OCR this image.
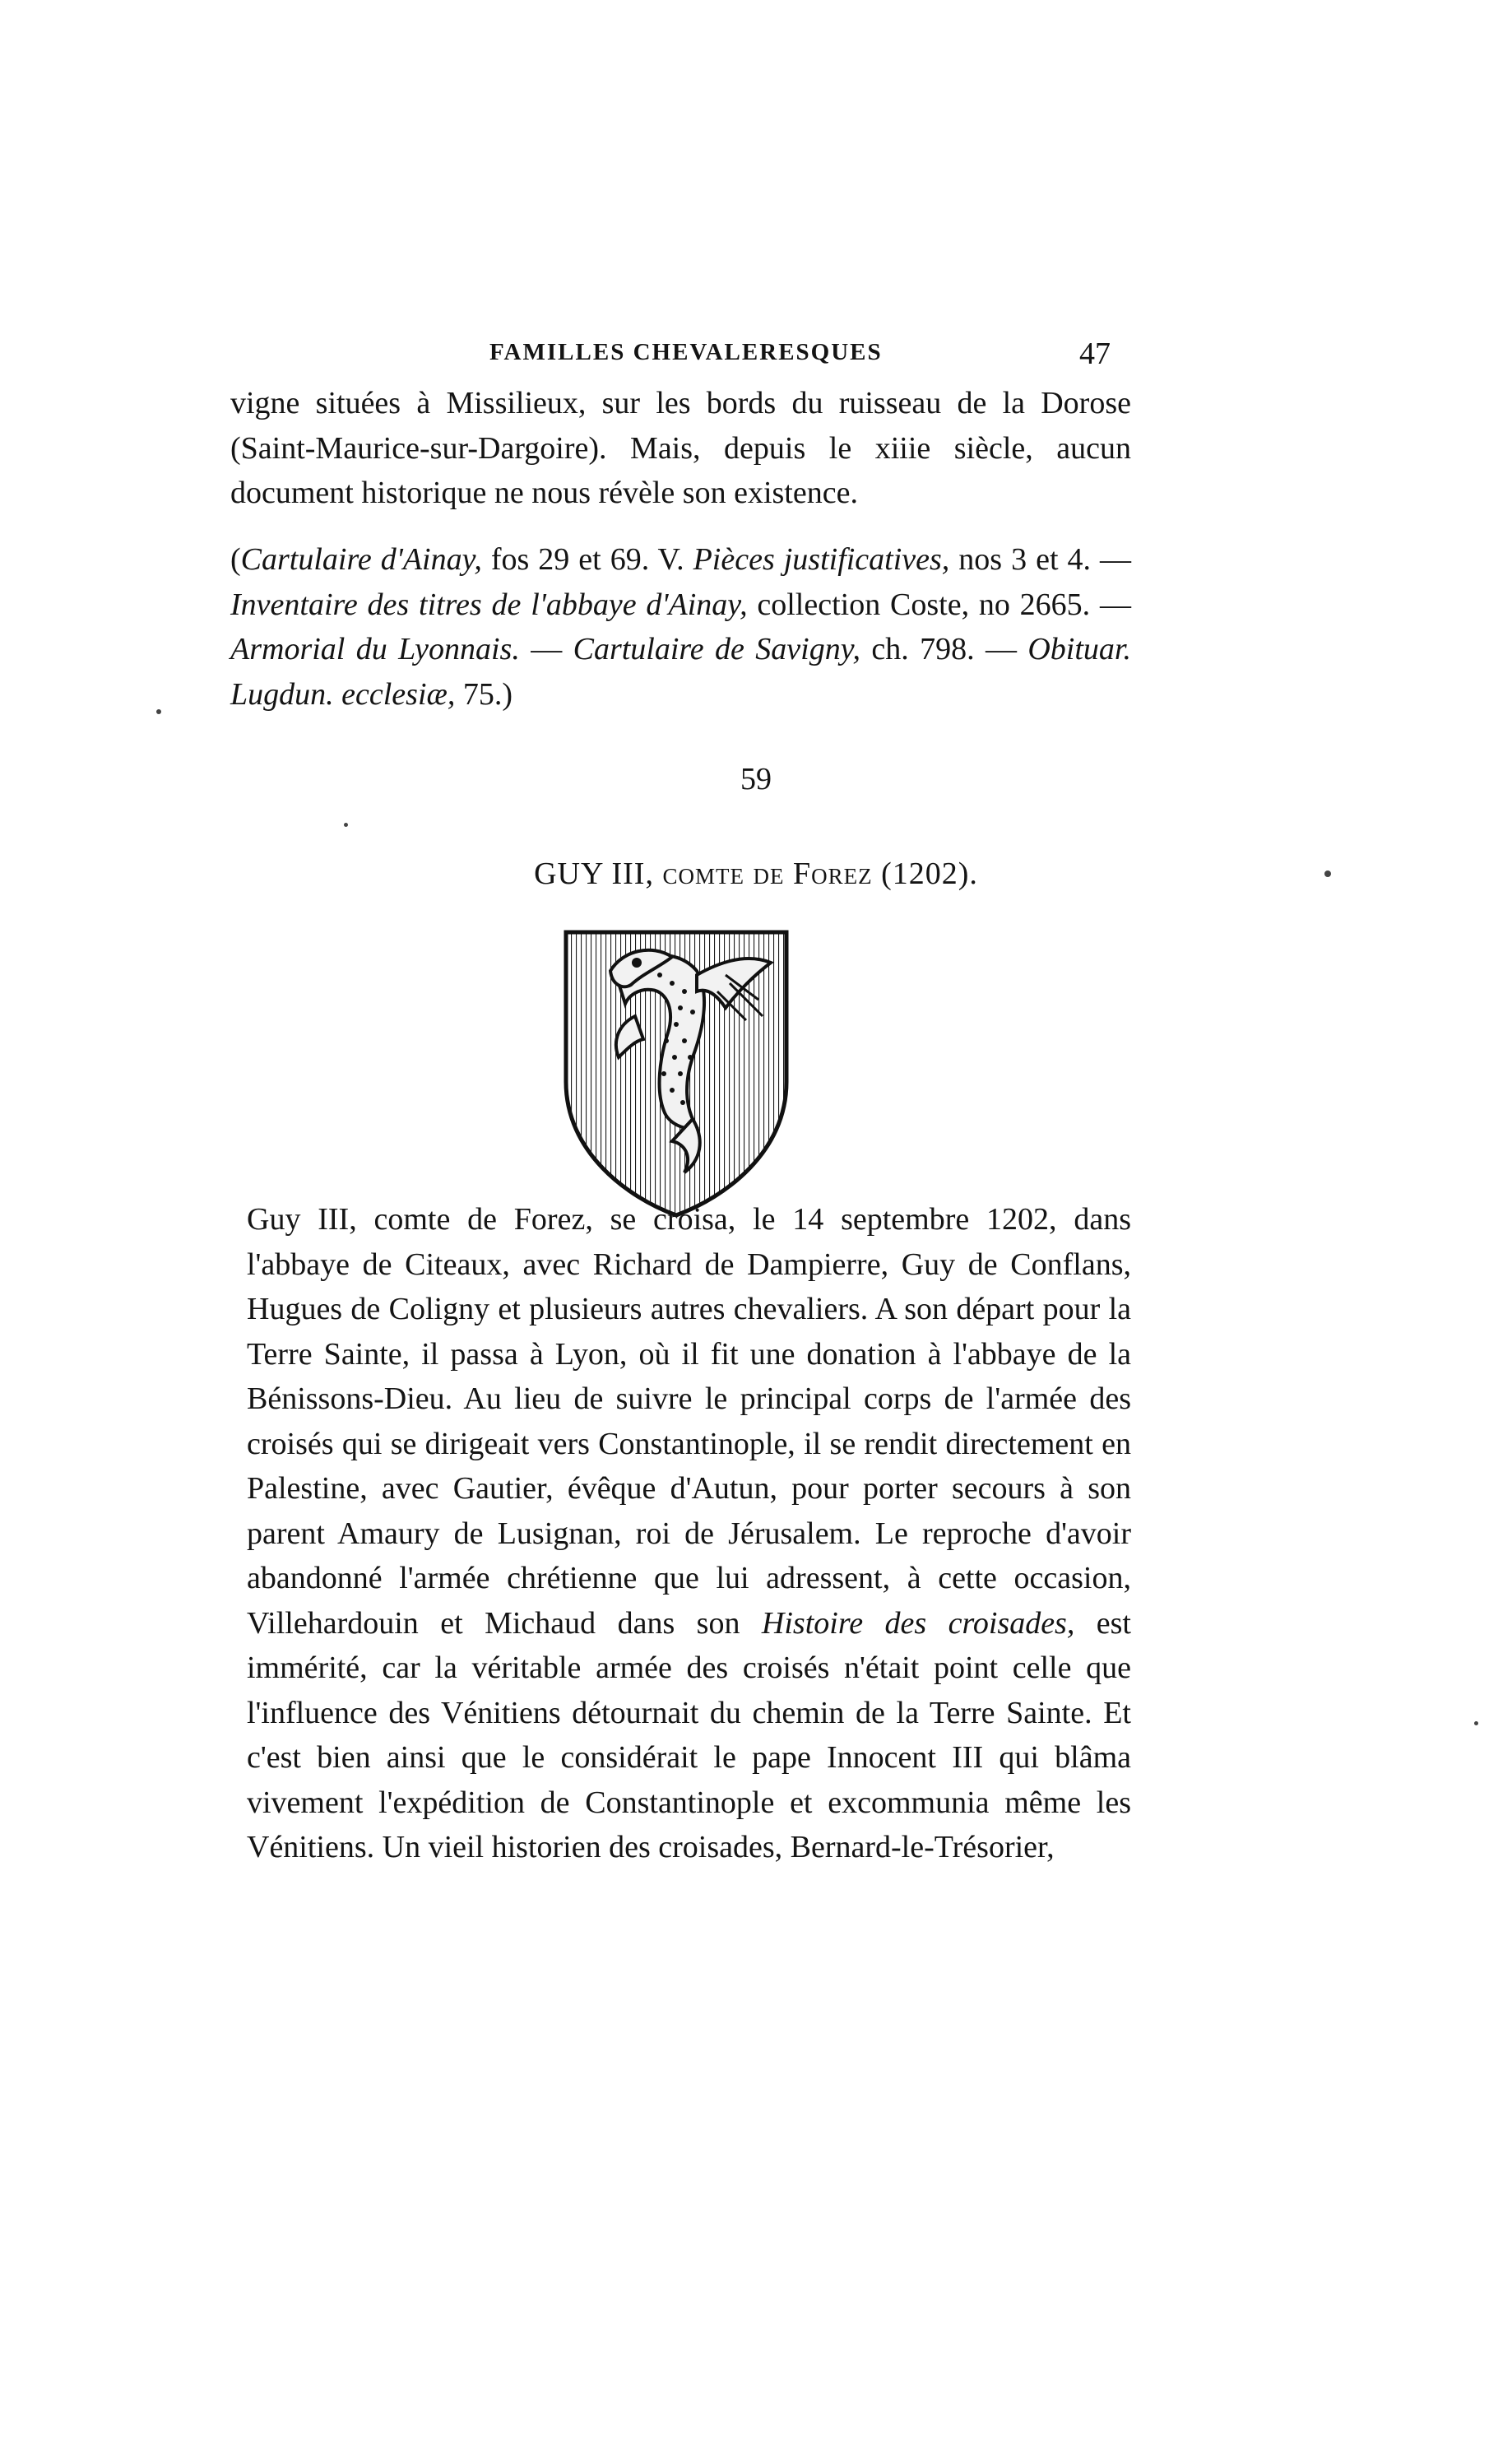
FAMILLES CHEVALERESQUES	47

vigne situées à Missilieux, sur les bords du ruisseau de la Dorose (Saint-Maurice-sur-Dargoire). Mais, depuis le xiiie siècle, aucun document historique ne nous révèle son existence.

(Cartulaire d'Ainay, fos 29 et 69. V. Pièces justificatives, nos 3 et 4. — Inventaire des titres de l'abbaye d'Ainay, collection Coste, no 2665. — Armorial du Lyonnais. — Cartulaire de Savigny, ch. 798. — Obituar. Lugdun. ecclesiæ, 75.)

59
GUY III, comte de Forez (1202).

Guy III, comte de Forez, se croisa, le 14 septembre 1202, dans l'abbaye de Citeaux, avec Richard de Dampierre, Guy de Conflans, Hugues de Coligny et plusieurs autres chevaliers. A son départ pour la Terre Sainte, il passa à Lyon, où il fit une donation à l'abbaye de la Bénissons-Dieu. Au lieu de suivre le principal corps de l'armée des croisés qui se dirigeait vers Constantinople, il se rendit directement en Palestine, avec Gautier, évêque d'Autun, pour porter secours à son parent Amaury de Lusignan, roi de Jérusalem. Le reproche d'avoir abandonné l'armée chrétienne que lui adressent, à cette occasion, Villehardouin et Michaud dans son Histoire des croisades, est immérité, car la véritable armée des croisés n'était point celle que l'influence des Vénitiens détournait du chemin de la Terre Sainte. Et c'est bien ainsi que le considérait le pape Innocent III qui blâma vivement l'expédition de Constantinople et excommunia même les Vénitiens. Un vieil historien des croisades, Bernard-le-Trésorier,
